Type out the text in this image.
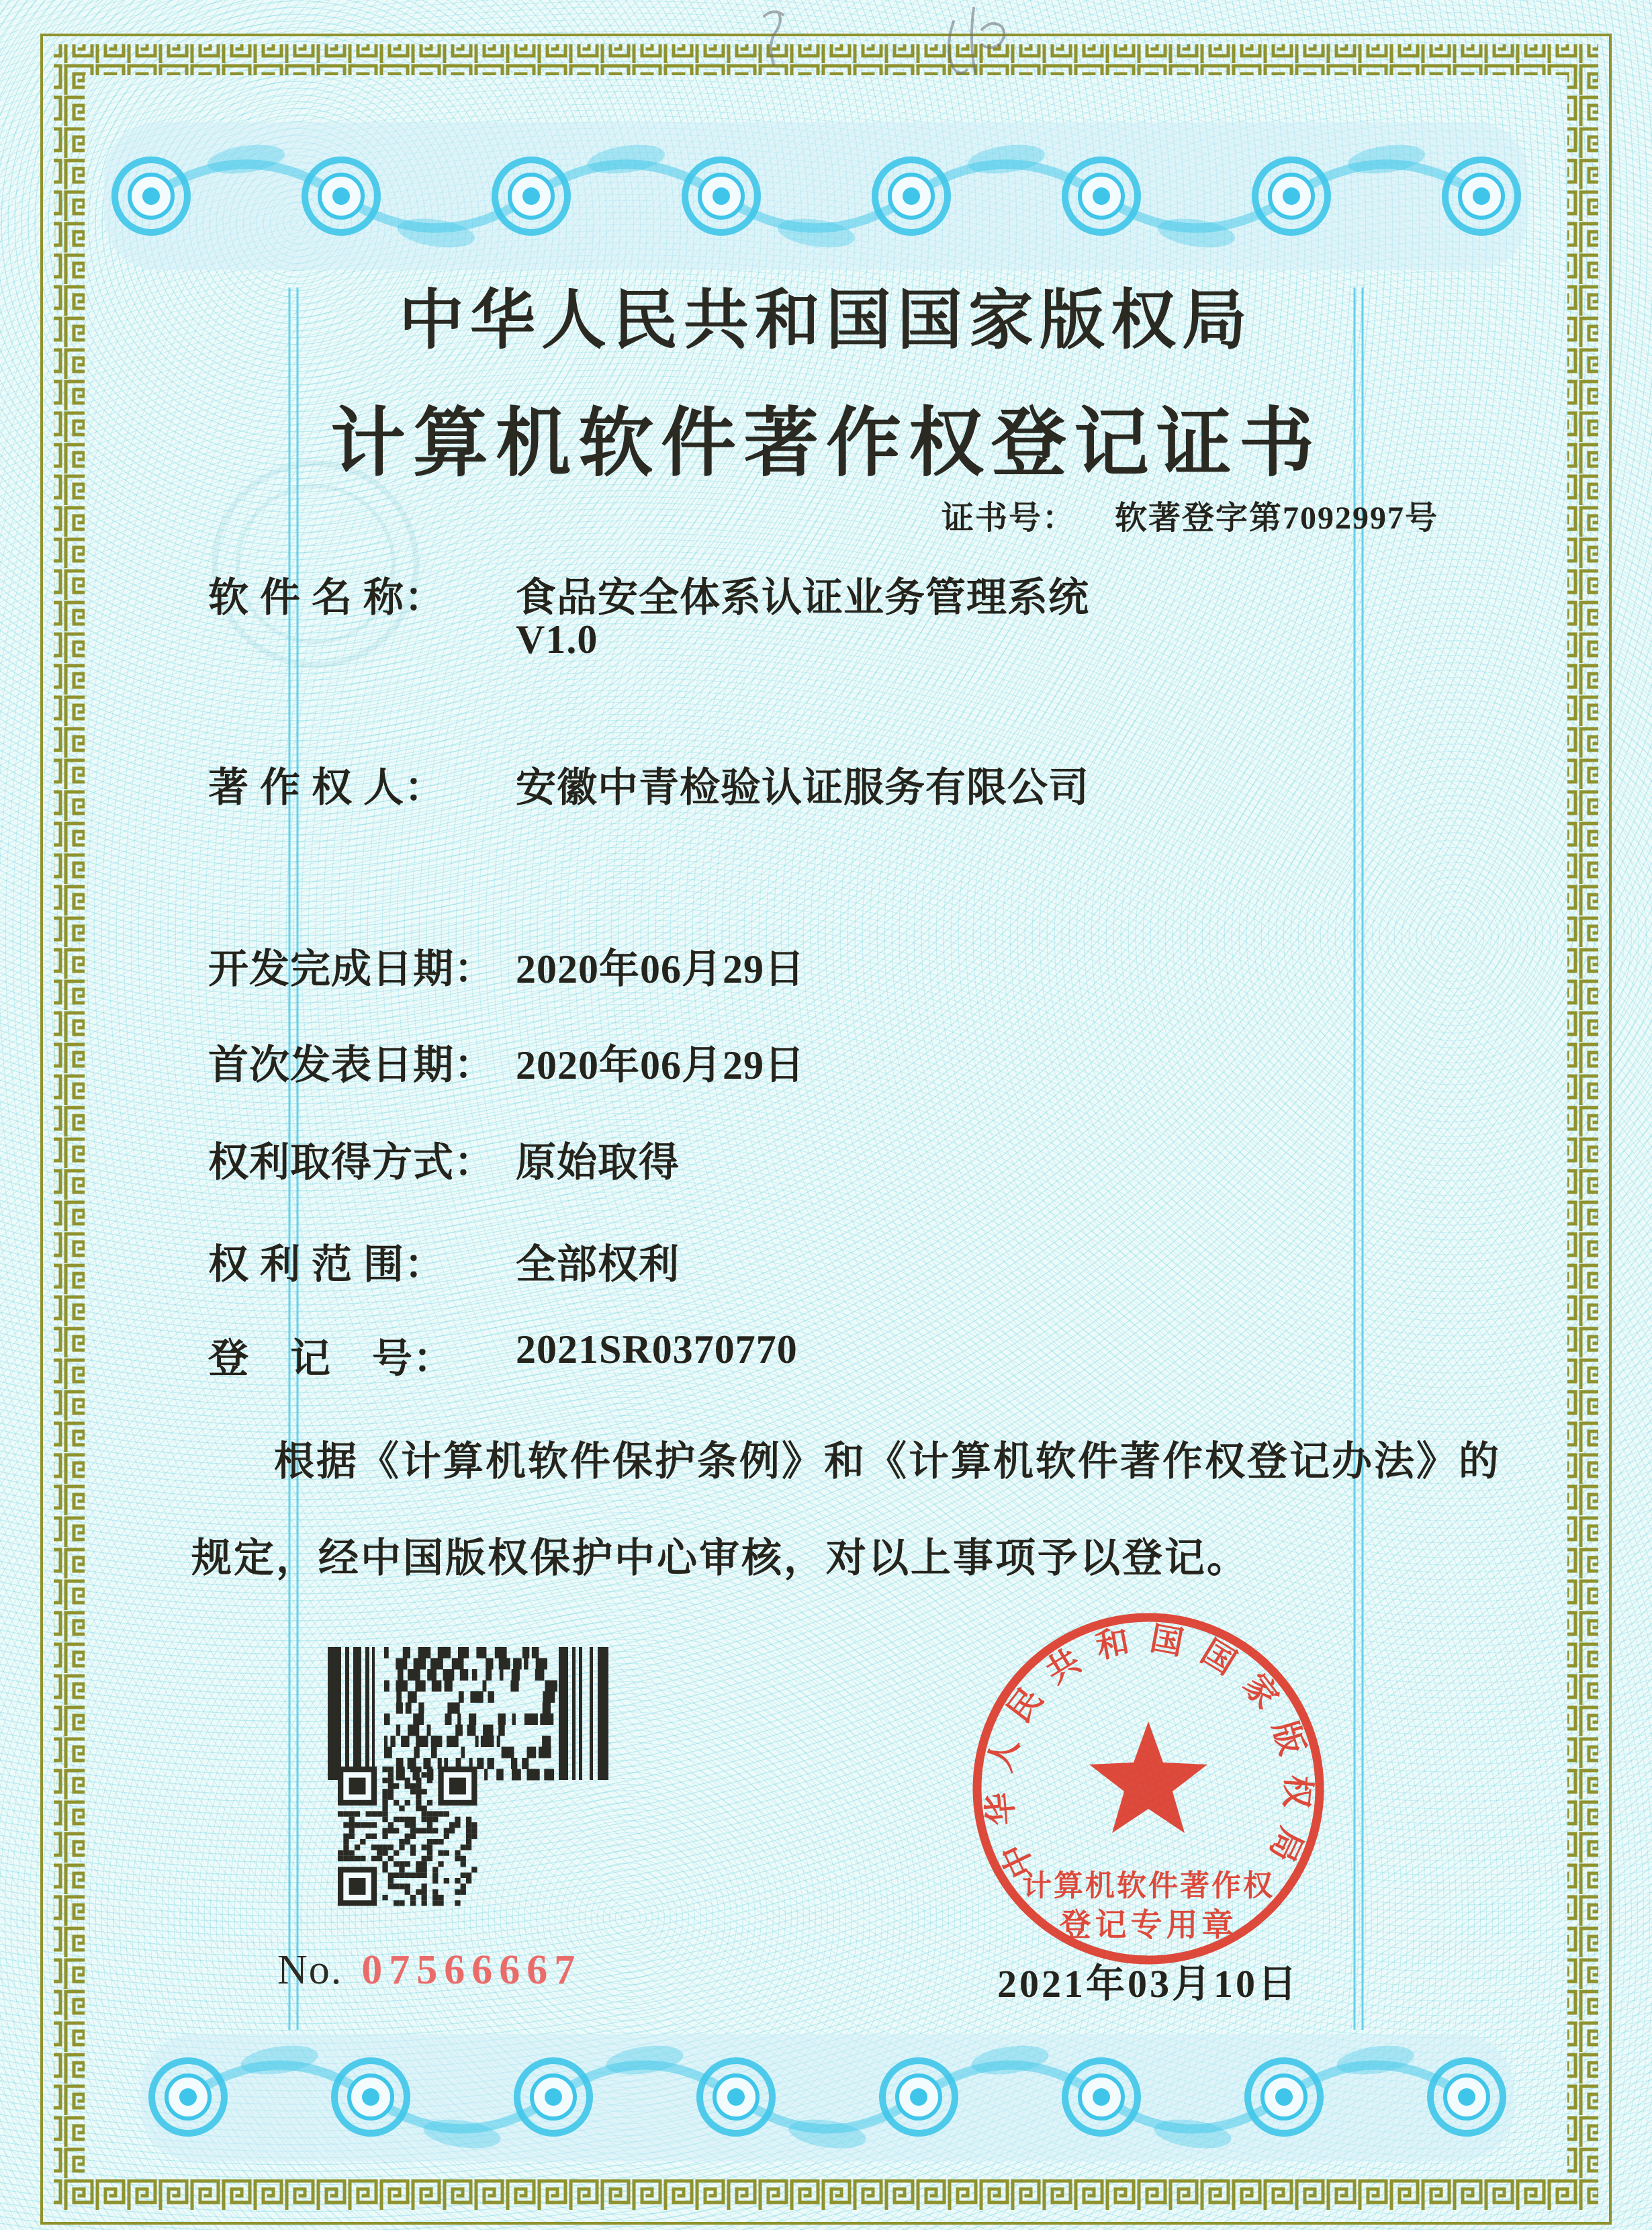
中华人民共和国国家版权局
计算机软件著作权
登记专用章
中华人民共和国国家版权局
计算机软件著作权登记证书
证书号： 软著登字第7092997号
软 件 名 称： 食品安全体系认证业务管理系统
V1.0
著 作 权 人： 安徽中青检验认证服务有限公司
开发完成日期： 2020年06月29日
首次发表日期： 2020年06月29日
权利取得方式： 原始取得
权 利 范 围： 全部权利
登　记　号： 2021SR0370770
根据《计算机软件保护条例》和《计算机软件著作权登记办法》的
规定，经中国版权保护中心审核，对以上事项予以登记。
No. 07566667	2021年03月10日
